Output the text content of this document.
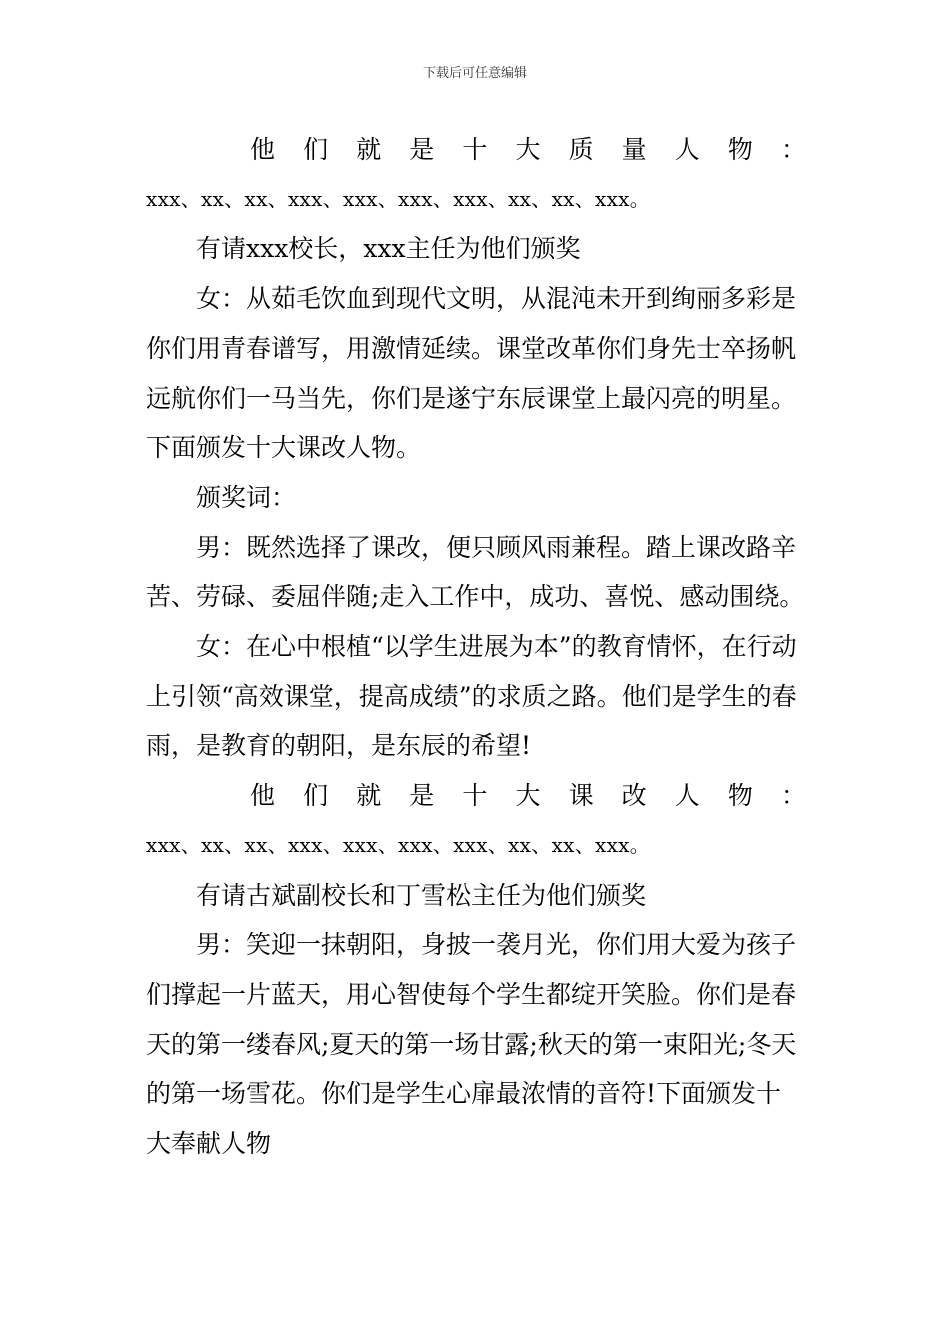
下载后可任意编辑
他 们 就 是 十 大 质 量 人 物 ：

xxx、xx、xx、xxx、xxx、xxx、xxx、xx、xx、xxx。

有请xxx校长，xxx主任为他们颁奖

女：从茹毛饮血到现代文明，从混沌未开到绚丽多彩是你们用青春谱写，用激情延续。课堂改革你们身先士卒扬帆远航你们一马当先，你们是遂宁东辰课堂上最闪亮的明星。下面颁发十大课改人物。

颁奖词：

男：既然选择了课改，便只顾风雨兼程。踏上课改路辛苦、劳碌、委屈伴随;走入工作中，成功、喜悦、感动围绕。

女：在心中根植“以学生进展为本”的教育情怀，在行动上引领“高效课堂，提高成绩”的求质之路。他们是学生的春雨，是教育的朝阳，是东辰的希望!

他 们 就 是 十 大 课 改 人 物 ：

xxx、xx、xx、xxx、xxx、xxx、xxx、xx、xx、xxx。

有请古斌副校长和丁雪松主任为他们颁奖

男：笑迎一抹朝阳，身披一袭月光，你们用大爱为孩子们撑起一片蓝天，用心智使每个学生都绽开笑脸。你们是春天的第一缕春风;夏天的第一场甘露;秋天的第一束阳光;冬天的第一场雪花。你们是学生心扉最浓情的音符!下面颁发十大奉献人物
